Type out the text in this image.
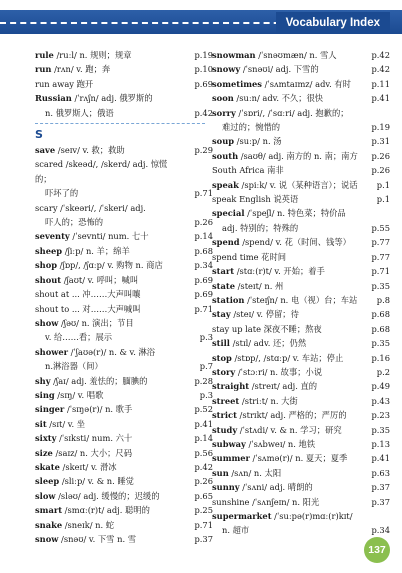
Vocabulary Index
rule /ruːl/ n. 规则；规章	p.19
run /rʌn/ v. 跑；奔	p.10
run away 跑开	p.69
Russian /ˈrʌʃn/ adj. 俄罗斯的
n. 俄罗斯人；俄语	p.42
S
save /seɪv/ v. 救；救助	p.29
scared /skeəd/, /skerd/ adj. 惊慌的；
吓坏了的	p.71
scary /ˈskeəri/, /ˈskeri/ adj.
吓人的；恐怖的	p.26
seventy /ˈsevnti/ num. 七十	p.14
sheep /ʃiːp/ n. 羊；绵羊	p.68
shop /ʃɒp/, /ʃɑːp/ v. 购物 n. 商店	p.34
shout /ʃaʊt/ v. 呼叫；喊叫	p.69
shout at ... 冲……大声叫嚷	p.69
shout to ... 对……大声喊叫	p.71
show /ʃəʊ/ n. 演出；节目
v. 给……看；展示	p.3
shower /ˈʃaʊə(r)/ n. & v. 淋浴
n.淋浴器（间）	p.7
shy /ʃaɪ/ adj. 羞怯的；腼腆的	p.28
sing /sɪŋ/ v. 唱歌	p.3
singer /ˈsɪŋə(r)/ n. 歌手	p.52
sit /sɪt/ v. 坐	p.41
sixty /ˈsɪksti/ num. 六十	p.14
size /saɪz/ n. 大小；尺码	p.56
skate /skeɪt/ v. 滑冰	p.42
sleep /sliːp/ v. & n. 睡觉	p.26
slow /sləʊ/ adj. 缓慢的；迟缓的	p.65
smart /smɑː(r)t/ adj. 聪明的	p.25
snake /sneɪk/ n. 蛇	p.71
snow /snəʊ/ v. 下雪 n. 雪	p.37
snowman /ˈsnəʊmæn/ n. 雪人	p.42
snowy /ˈsnəʊi/ adj. 下雪的	p.42
sometimes /ˈsʌmtaɪmz/ adv. 有时	p.11
soon /suːn/ adv. 不久；很快	p.41
sorry /ˈsɒri/, /ˈsɑːri/ adj. 抱歉的；
难过的；惋惜的	p.19
soup /suːp/ n. 汤	p.31
south /saʊθ/ adj. 南方的 n. 南；南方 p.26
South Africa 南非	p.26
speak /spiːk/ v. 说（某种语言）；说话 p.1
speak English 说英语	p.1
special /ˈspeʃl/ n. 特色菜；特价品
adj. 特别的；特殊的	p.55
spend /spend/ v. 花（时间、钱等）	p.77
spend time 花时间	p.77
start /stɑː(r)t/ v. 开始；着手	p.71
state /steɪt/ n. 州	p.35
station /ˈsteɪʃn/ n. 电（视）台；车站	p.8
stay /steɪ/ v. 停留；待	p.68
stay up late 深夜不睡；熬夜	p.68
still /stɪl/ adv. 还；仍然	p.35
stop /stɒp/, /stɑːp/ v. 车站；停止	p.16
story /ˈstɔːri/ n. 故事；小说	p.2
straight /streɪt/ adj. 直的	p.49
street /striːt/ n. 大街	p.43
strict /strɪkt/ adj. 严格的；严厉的	p.23
study /ˈstʌdi/ v. & n. 学习；研究	p.35
subway /ˈsʌbweɪ/ n. 地铁	p.13
summer /ˈsʌmə(r)/ n. 夏天；夏季	p.41
sun /sʌn/ n. 太阳	p.63
sunny /ˈsʌni/ adj. 晴朗的	p.37
sunshine /ˈsʌnʃeɪn/ n. 阳光	p.37
supermarket /ˈsuːpə(r)mɑː(r)kɪt/
n. 超市	p.34
137
